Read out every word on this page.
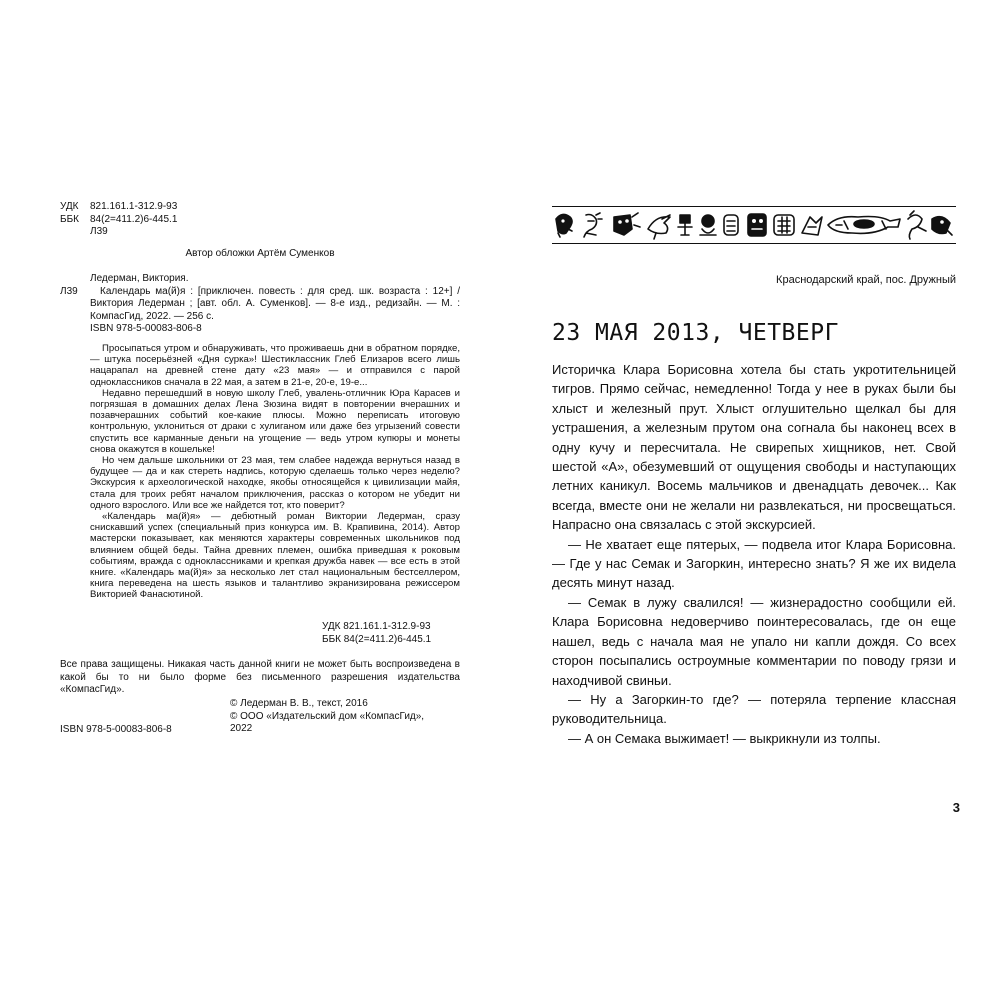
УДК	821.161.1-312.9-93
ББК	84(2=411.2)6-445.1
Л39
Автор обложки Артём Суменков
Ледерман, Виктория.
Л39	Календарь ма(й)я : [приключен. повесть : для сред. шк. возраста : 12+] / Виктория Ледерман ; [авт. обл. А. Суменков]. — 8-е изд., редизайн. — М. : КомпасГид, 2022. — 256 с.
ISBN 978-5-00083-806-8

Просыпаться утром и обнаруживать, что проживаешь дни в обратном порядке, — штука посерьёзней «Дня сурка»! Шестиклассник Глеб Елизаров всего лишь нацарапал на древней стене дату «23 мая» — и отправился с парой одноклассников сначала в 22 мая, а затем в 21-е, 20-е, 19-е...

Недавно перешедший в новую школу Глеб, увалень-отличник Юра Карасев и погрязшая в домашних делах Лена Зюзина видят в повторении вчерашних и позавчерашних событий кое-какие плюсы. Можно переписать итоговую контрольную, уклониться от драки с хулиганом или даже без угрызений совести спустить все карманные деньги на угощение — ведь утром купюры и монеты снова окажутся в кошельке!

Но чем дальше школьники от 23 мая, тем слабее надежда вернуться назад в будущее — да и как стереть надпись, которую сделаешь только через неделю? Экскурсия к археологической находке, якобы относящейся к цивилизации майя, стала для троих ребят началом приключения, рассказ о котором не убедит ни одного взрослого. Или все же найдется тот, кто поверит?

«Календарь ма(й)я» — дебютный роман Виктории Ледерман, сразу снискавший успех (специальный приз конкурса им. В. Крапивина, 2014). Автор мастерски показывает, как меняются характеры современных школьников под влиянием общей беды. Тайна древних племен, ошибка приведшая к роковым событиям, вражда с одноклассниками и крепкая дружба навек — все есть в этой книге. «Календарь ма(й)я» за несколько лет стал национальным бестселлером, книга переведена на шесть языков и талантливо экранизирована режиссером Викторией Фанасютиной.

УДК 821.161.1-312.9-93
ББК 84(2=411.2)6-445.1
Все права защищены. Никакая часть данной книги не может быть воспроизведена в какой бы то ни было форме без письменного разрешения издательства «КомпасГид».
© Ледерман В. В., текст, 2016
© ООО «Издательский дом «КомпасГид»,
2022
ISBN 978-5-00083-806-8
Краснодарский край, пос. Дружный
23 МАЯ 2013, ЧЕТВЕРГ

Историчка Клара Борисовна хотела бы стать укротительницей тигров. Прямо сейчас, немедленно! Тогда у нее в руках были бы хлыст и железный прут. Хлыст оглушительно щелкал бы для устрашения, а железным прутом она согнала бы наконец всех в одну кучу и пересчитала. Не свирепых хищников, нет. Свой шестой «А», обезумевший от ощущения свободы и наступающих летних каникул. Восемь мальчиков и двенадцать девочек... Как всегда, вместе они не желали ни развлекаться, ни просвещаться. Напрасно она связалась с этой экскурсией.

— Не хватает еще пятерых, — подвела итог Клара Борисовна. — Где у нас Семак и Загоркин, интересно знать? Я же их видела десять минут назад.

— Семак в лужу свалился! — жизнерадостно сообщили ей. Клара Борисовна недоверчиво поинтересовалась, где он еще нашел, ведь с начала мая не упало ни капли дождя. Со всех сторон посыпались остроумные комментарии по поводу грязи и находчивой свиньи.

— Ну а Загоркин-то где? — потеряла терпение классная руководительница.

— А он Семака выжимает! — выкрикнули из толпы.

3
